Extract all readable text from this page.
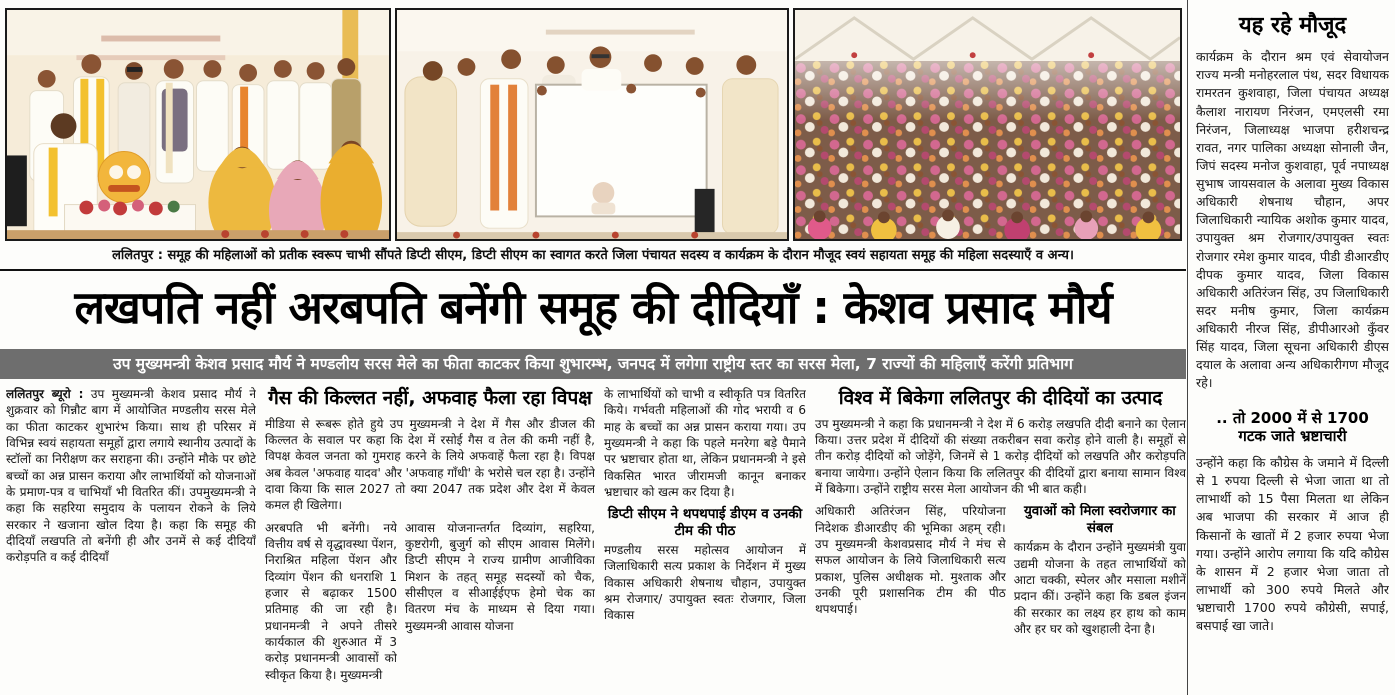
ललितपुर : समूह की महिलाओं को प्रतीक स्वरूप चाभी सौंपते डिप्टी सीएम, डिप्टी सीएम का स्वागत करते जिला पंचायत सदस्य व कार्यक्रम के दौरान मौजूद स्वयं सहायता समूह की महिला सदस्याएँ व अन्य।
लखपति नहीं अरबपति बनेंगी समूह की दीदियाँ : केशव प्रसाद मौर्य
उप मुख्यमन्त्री केशव प्रसाद मौर्य ने मण्डलीय सरस मेले का फीता काटकर किया शुभारम्भ, जनपद में लगेगा राष्ट्रीय स्तर का सरस मेला, 7 राज्यों की महिलाएँ करेंगी प्रतिभाग
ललितपुर ब्यूरो : उप मुख्यमन्त्री केशव प्रसाद मौर्य ने शुक्रवार को गिन्नौट बाग में आयोजित मण्डलीय सरस मेले का फीता काटकर शुभारंभ किया। साथ ही परिसर में विभिन्न स्वयं सहायता समूहों द्वारा लगाये स्थानीय उत्पादों के स्टॉलों का निरीक्षण कर सराहना की। उन्होंने मौके पर छोटे बच्चों का अन्न प्रासन कराया और लाभार्थियों को योजनाओं के प्रमाण-पत्र व चाभियाँ भी वितरित कीं। उपमुख्यमन्त्री ने कहा कि सहरिया समुदाय के पलायन रोकने के लिये सरकार ने खजाना खोल दिया है। कहा कि समूह की दीदियाँ लखपति तो बनेंगी ही और उनमें से कई दीदियाँ करोड़पति व कई दीदियाँ
गैस की किल्लत नहीं, अफवाह फैला रहा विपक्ष
मीडिया से रूबरू होते हुये उप मुख्यमन्त्री ने देश में गैस और डीजल की किल्लत के सवाल पर कहा कि देश में रसोई गैस व तेल की कमी नहीं है, विपक्ष केवल जनता को गुमराह करने के लिये अफवाहें फैला रहा है। विपक्ष अब केवल 'अफवाह यादव' और 'अफवाह गाँधी' के भरोसे चल रहा है। उन्होंने दावा किया कि साल 2027 तो क्या 2047 तक प्रदेश और देश में केवल कमल ही खिलेगा।
अरबपति भी बनेंगी। नये वित्तीय वर्ष से वृद्धावस्था पेंशन, निराश्रित महिला पेंशन और दिव्यांग पेंशन की धनराशि 1 हजार से बढ़ाकर 1500 प्रतिमाह की जा रही है। प्रधानमन्त्री ने अपने तीसरे कार्यकाल की शुरुआत में 3 करोड़ प्रधानमन्त्री आवासों को स्वीकृत किया है। मुख्यमन्त्री
आवास योजनान्तर्गत दिव्यांग, सहरिया, कुष्टरोगी, बुजुर्ग को सीएम आवास मिलेंगे। डिप्टी सीएम ने राज्य ग्रामीण आजीविका मिशन के तहत् समूह सदस्यों को चैक, सीसीएल व सीआईईएफ हेमो चेक का वितरण मंच के माध्यम से दिया गया। मुख्यमन्त्री आवास योजना
के लाभार्थियों को चाभी व स्वीकृति पत्र वितरित किये। गर्भवती महिलाओं की गोद भरायी व 6 माह के बच्चों का अन्न प्रासन कराया गया। उप मुख्यमन्त्री ने कहा कि पहले मनरेगा बड़े पैमाने पर भ्रष्टाचार होता था, लेकिन प्रधानमन्त्री ने इसे विकसित भारत जीरामजी कानून बनाकर भ्रष्टाचार को खत्म कर दिया है।
डिप्टी सीएम ने थपथपाई डीएम व उनकी टीम की पीठ
मण्डलीय सरस महोत्सव आयोजन में जिलाधिकारी सत्य प्रकाश के निर्देशन में मुख्य विकास अधिकारी शेषनाथ चौहान, उपायुक्त श्रम रोजगार/ उपायुक्त स्वतः रोजगार, जिला विकास
विश्व में बिकेगा ललितपुर की दीदियों का उत्पाद
उप मुख्यमन्त्री ने कहा कि प्रधानमन्त्री ने देश में 6 करोड़ लखपति दीदी बनाने का ऐलान किया। उत्तर प्रदेश में दीदियों की संख्या तकरीबन सवा करोड़ होने वाली है। समूहों से तीन करोड़ दीदियों को जोड़ेंगे, जिनमें से 1 करोड़ दीदियों को लखपति और करोड़पति बनाया जायेगा। उन्होंने ऐलान किया कि ललितपुर की दीदियों द्वारा बनाया सामान विश्व में बिकेगा। उन्होंने राष्ट्रीय सरस मेला आयोजन की भी बात कही।
अधिकारी अतिरंजन सिंह, परियोजना निदेशक डीआरडीए की भूमिका अहम् रही। उप मुख्यमन्त्री केशवप्रसाद मौर्य ने मंच से सफल आयोजन के लिये जिलाधिकारी सत्य प्रकाश, पुलिस अधीक्षक मो. मुश्ताक और उनकी पूरी प्रशासनिक टीम की पीठ थपथपाई।
युवाओं को मिला स्वरोजगार का संबल
कार्यक्रम के दौरान उन्होंने मुख्यमंत्री युवा उद्यमी योजना के तहत लाभार्थियों को आटा चक्की, स्पेलर और मसाला मशीनें प्रदान कीं। उन्होंने कहा कि डबल इंजन की सरकार का लक्ष्य हर हाथ को काम और हर घर को खुशहाली देना है।
यह रहे मौजूद
कार्यक्रम के दौरान श्रम एवं सेवायोजन राज्य मन्त्री मनोहरलाल पंथ, सदर विधायक रामरतन कुशवाहा, जिला पंचायत अध्यक्ष कैलाश नारायण निरंजन, एमएलसी रमा निरंजन, जिलाध्यक्ष भाजपा हरीशचन्द्र रावत, नगर पालिका अध्यक्षा सोनाली जैन, जिपं सदस्य मनोज कुशवाहा, पूर्व नपाध्यक्ष सुभाष जायसवाल के अलावा मुख्य विकास अधिकारी शेषनाथ चौहान, अपर जिलाधिकारी न्यायिक अशोक कुमार यादव, उपायुक्त श्रम रोजगार/उपायुक्त स्वतः रोजगार रमेश कुमार यादव, पीडी डीआरडीए दीपक कुमार यादव, जिला विकास अधिकारी अतिरंजन सिंह, उप जिलाधिकारी सदर मनीष कुमार, जिला कार्यक्रम अधिकारी नीरज सिंह, डीपीआरओ कुँवर सिंह यादव, जिला सूचना अधिकारी डीएस दयाल के अलावा अन्य अधिकारीगण मौजूद रहे।
.. तो 2000 में से 1700 गटक जाते भ्रष्टाचारी
उन्होंने कहा कि कौग्रेस के जमाने में दिल्ली से 1 रुपया दिल्ली से भेजा जाता था तो लाभार्थी को 15 पैसा मिलता था लेकिन अब भाजपा की सरकार में आज ही किसानों के खातों में 2 हजार रुपया भेजा गया। उन्होंने आरोप लगाया कि यदि कौग्रेस के शासन में 2 हजार भेजा जाता तो लाभार्थी को 300 रुपये मिलते और भ्रष्टाचारी 1700 रुपये कौग्रेसी, सपाई, बसपाई खा जाते।
